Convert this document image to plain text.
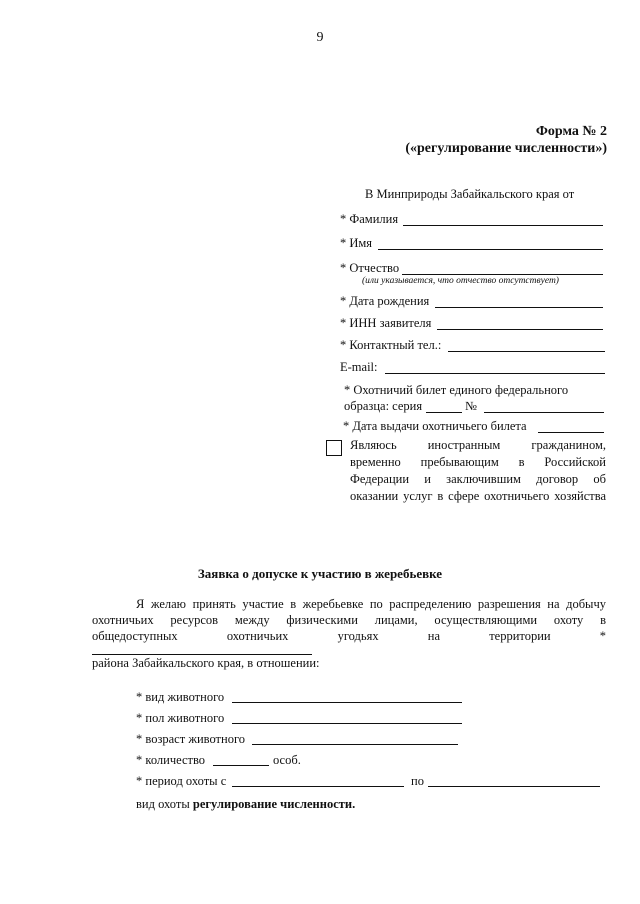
9
Форма № 2
(«регулирование численности»)
В Минприроды Забайкальского края от
* Фамилия
* Имя
* Отчество
(или указывается, что отчество отсутствует)
* Дата рождения
* ИНН заявителя
* Контактный тел.:
E-mail:
* Охотничий билет единого федерального
образца: серия	№
* Дата выдачи охотничьего билета
Являюсь иностранным гражданином,
временно пребывающим в Российской
Федерации и заключившим договор об
оказании услуг в сфере охотничьего хозяйства
Заявка о допуске к участию в жеребьевке
Я желаю принять участие в жеребьевке по распределению разрешения на добычу
охотничьих ресурсов между физическими лицами, осуществляющими охоту в
общедоступных охотничьих угодьях на территории *
района Забайкальского края, в отношении:
* вид животного
* пол животного
* возраст животного
* количество	особ.
* период охоты с	по
вид охоты регулирование численности.
